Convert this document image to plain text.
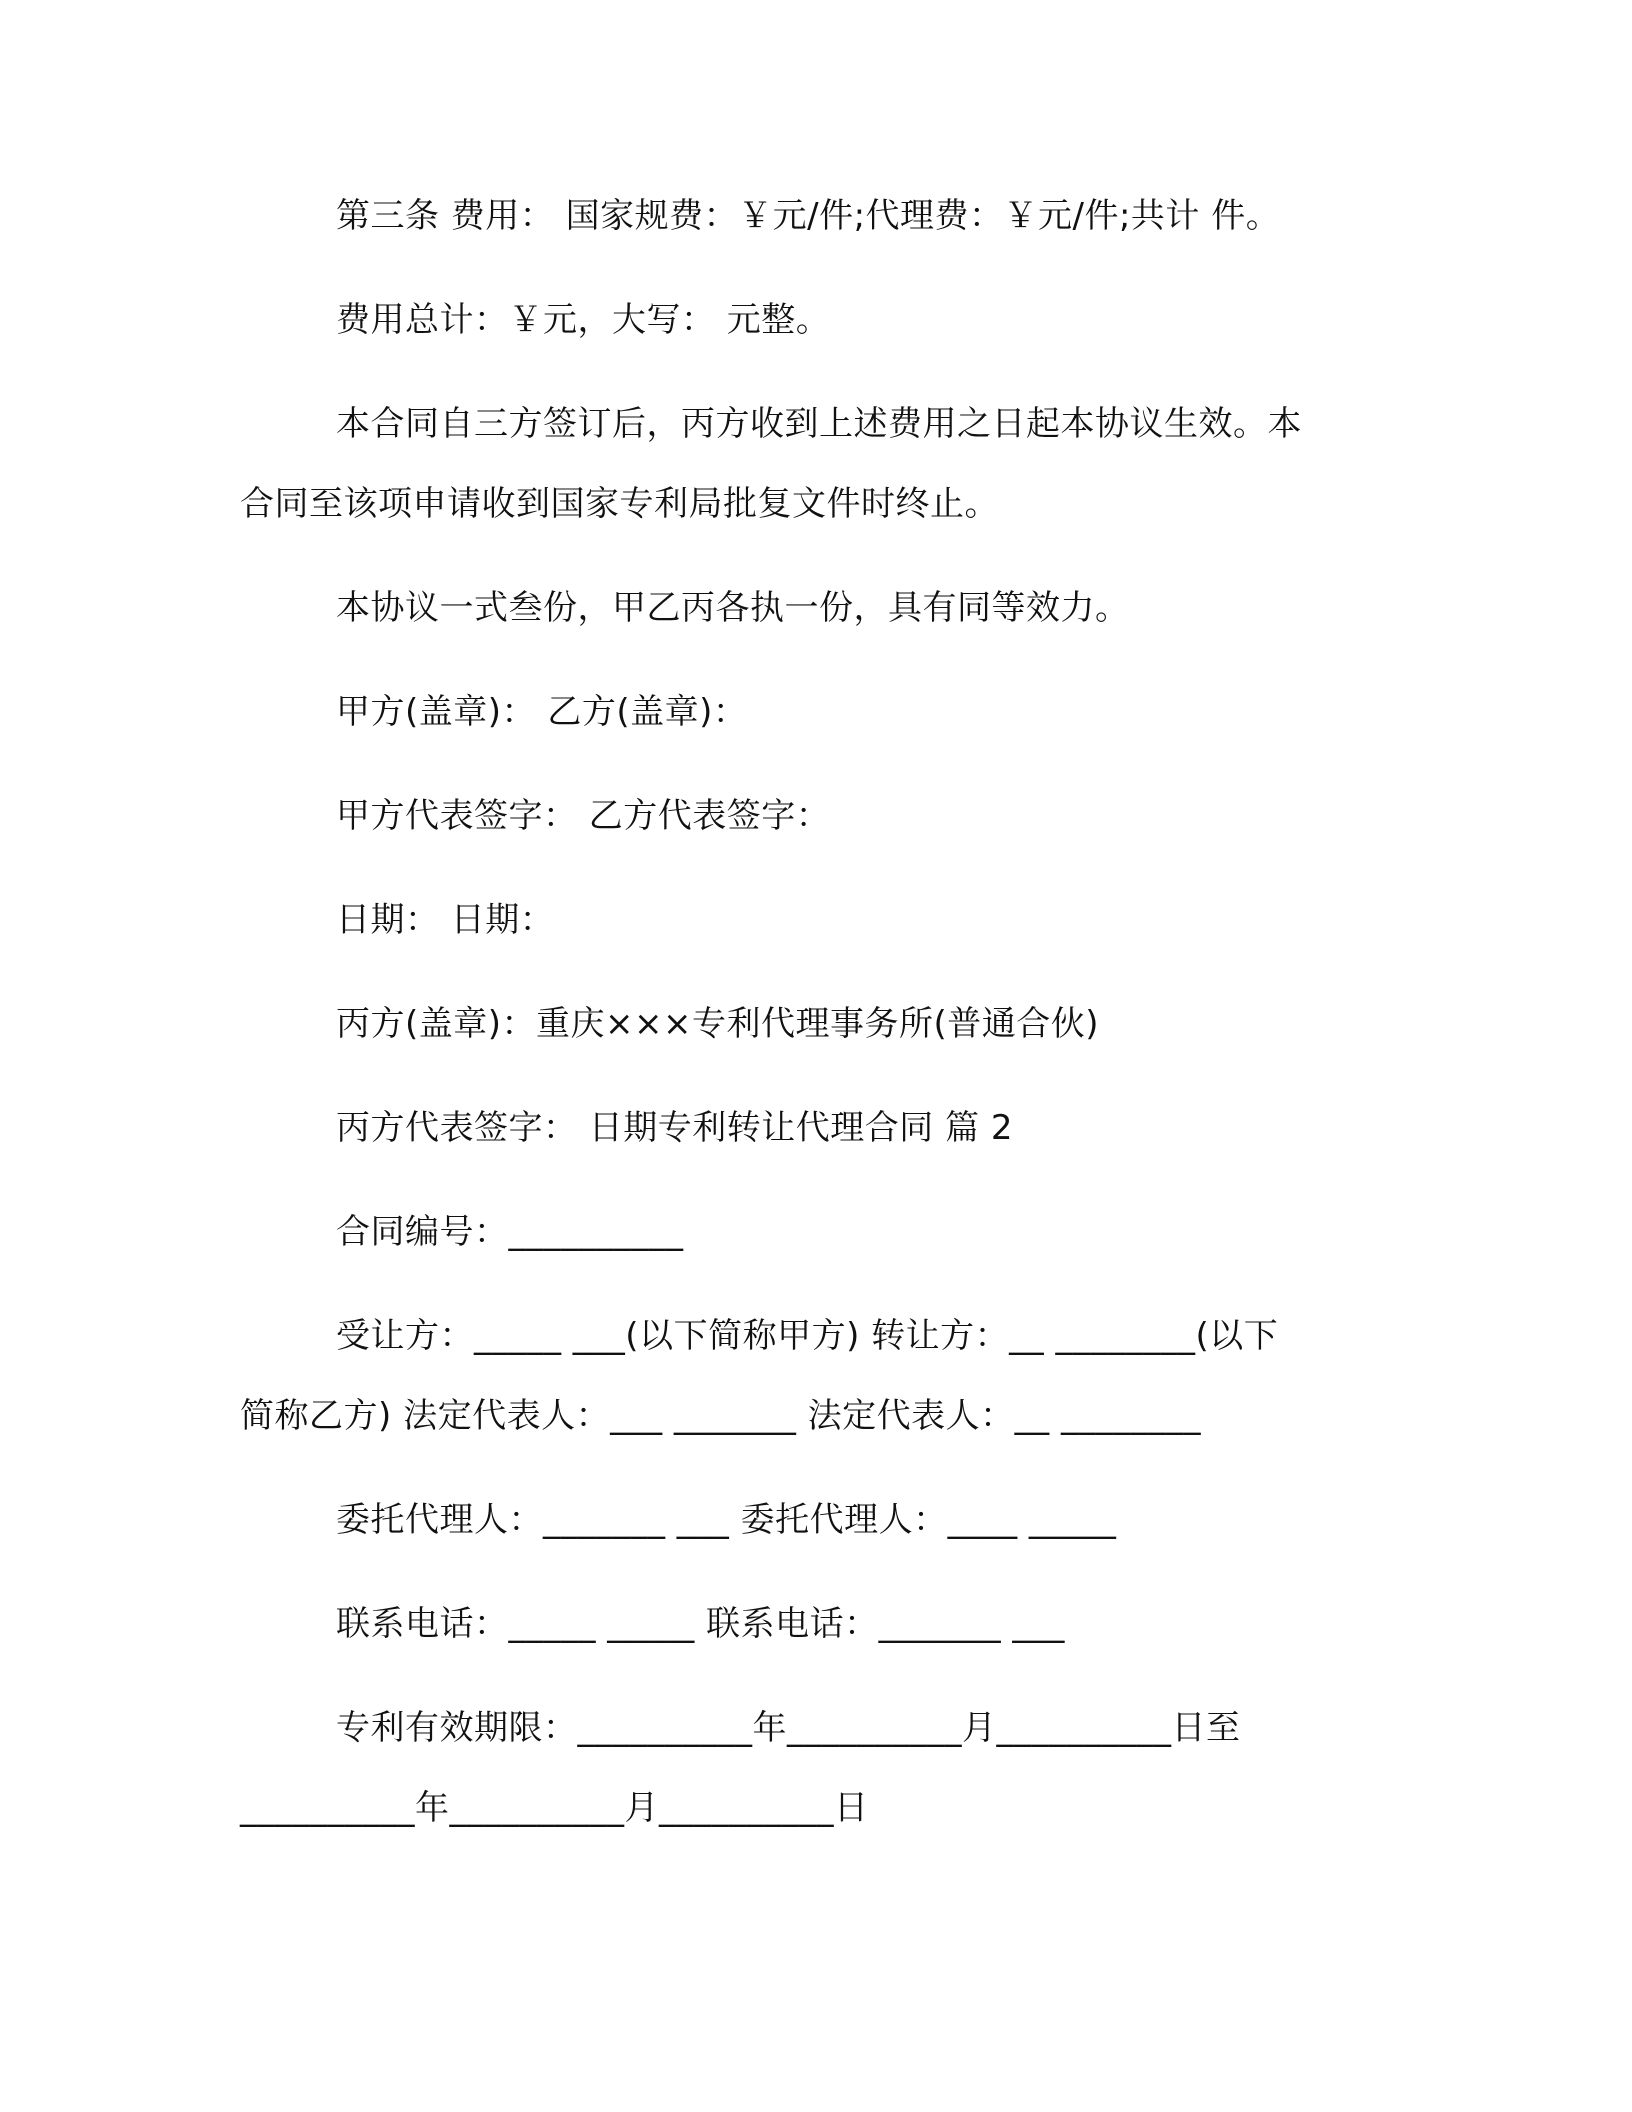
第三条 费用： 国家规费：￥元/件;代理费：￥元/件;共计 件。
费用总计：￥元，大写： 元整。
本合同自三方签订后，丙方收到上述费用之日起本协议生效。本
合同至该项申请收到国家专利局批复文件时终止。
本协议一式叁份，甲乙丙各执一份，具有同等效力。
甲方(盖章)： 乙方(盖章)：
甲方代表签字： 乙方代表签字：
日期： 日期：
丙方(盖章)：重庆×××专利代理事务所(普通合伙)
丙方代表签字： 日期专利转让代理合同 篇 2
合同编号：__________
受让方：_____ ___(以下简称甲方) 转让方：__ ________(以下
简称乙方) 法定代表人：___ _______ 法定代表人：__ ________
委托代理人：_______ ___ 委托代理人：____ _____
联系电话：_____ _____ 联系电话：_______ ___
专利有效期限：__________年__________月__________日至
__________年__________月__________日
